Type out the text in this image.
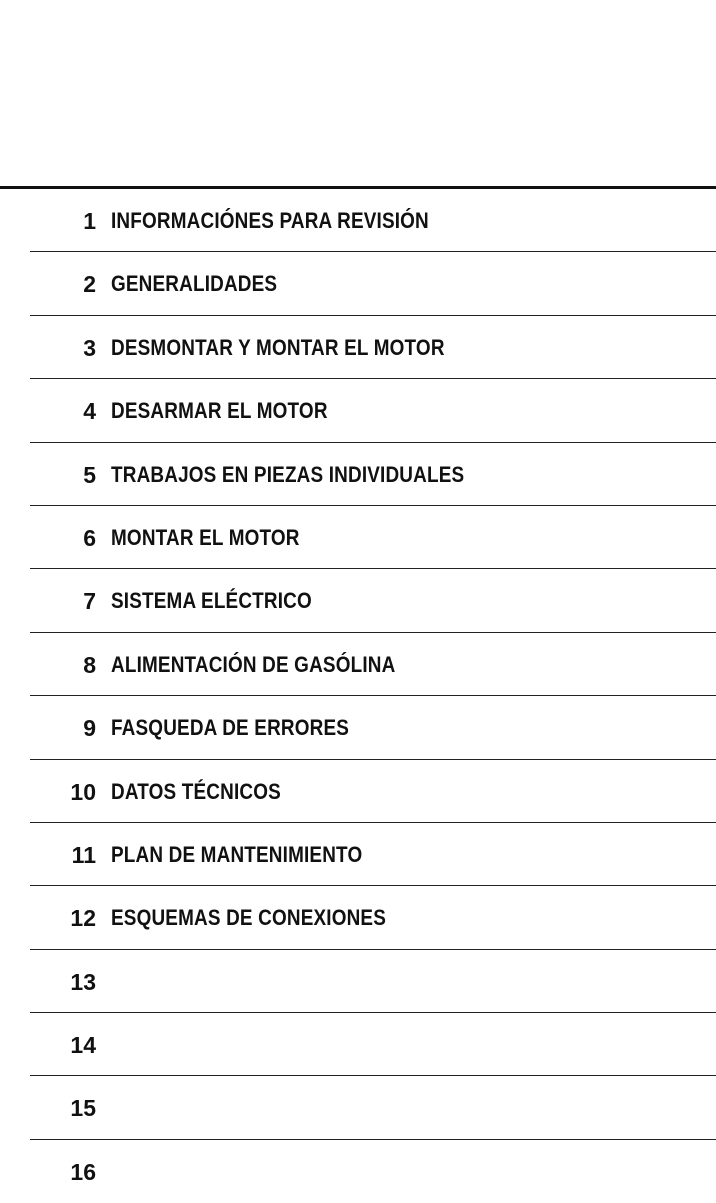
1 INFORMACIÓNES PARA REVISIÓN
2 GENERALIDADES
3 DESMONTAR Y MONTAR EL MOTOR
4 DESARMAR EL MOTOR
5 TRABAJOS EN PIEZAS INDIVIDUALES
6 MONTAR EL MOTOR
7 SISTEMA ELÉCTRICO
8 ALIMENTACIÓN DE GASÓLINA
9 FASQUEDA DE ERRORES
10 DATOS TÉCNICOS
11 PLAN DE MANTENIMIENTO
12 ESQUEMAS DE CONEXIONES
13
14
15
16
